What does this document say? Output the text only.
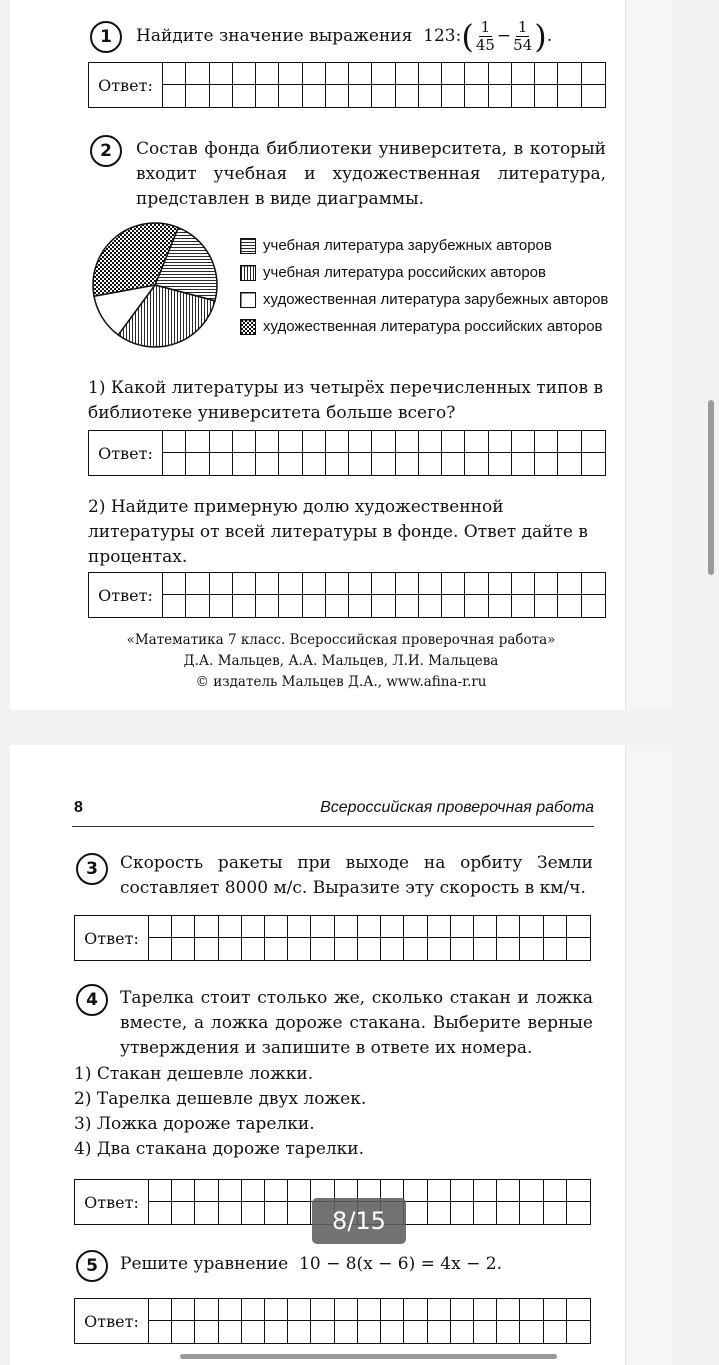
1	Найдите значение выражения 123:( $\frac{1}{45} - \frac{1}{54}$ ).
Ответ:
2	Состав фонда библиотеки университета, в который входит учебная и художественная литература, представлен в виде диаграммы.
учебная литература зарубежных авторов
учебная литература российских авторов
художественная литература зарубежных авторов
художественная литература российских авторов
1) Какой литературы из четырёх перечисленных типов в библиотеке университета больше всего?
Ответ:
2) Найдите примерную долю художественной литературы от всей литературы в фонде. Ответ дайте в процентах.
Ответ:
«Математика 7 класс. Всероссийская проверочная работа»
Д.А. Мальцев, А.А. Мальцев, Л.И. Мальцева
© издатель Мальцев Д.А., www.afina-r.ru
8	Всероссийская проверочная работа
3	Скорость ракеты при выходе на орбиту Земли составляет 8000 м/с. Выразите эту скорость в км/ч.
Ответ:
4	Тарелка стоит столько же, сколько стакан и ложка вместе, а ложка дороже стакана. Выберите верные утверждения и запишите в ответе их номера.
1) Стакан дешевле ложки.
2) Тарелка дешевле двух ложек.
3) Ложка дороже тарелки.
4) Два стакана дороже тарелки.
Ответ:
5	Решите уравнение 10 − 8(x − 6) = 4x − 2.
Ответ:
8/15
